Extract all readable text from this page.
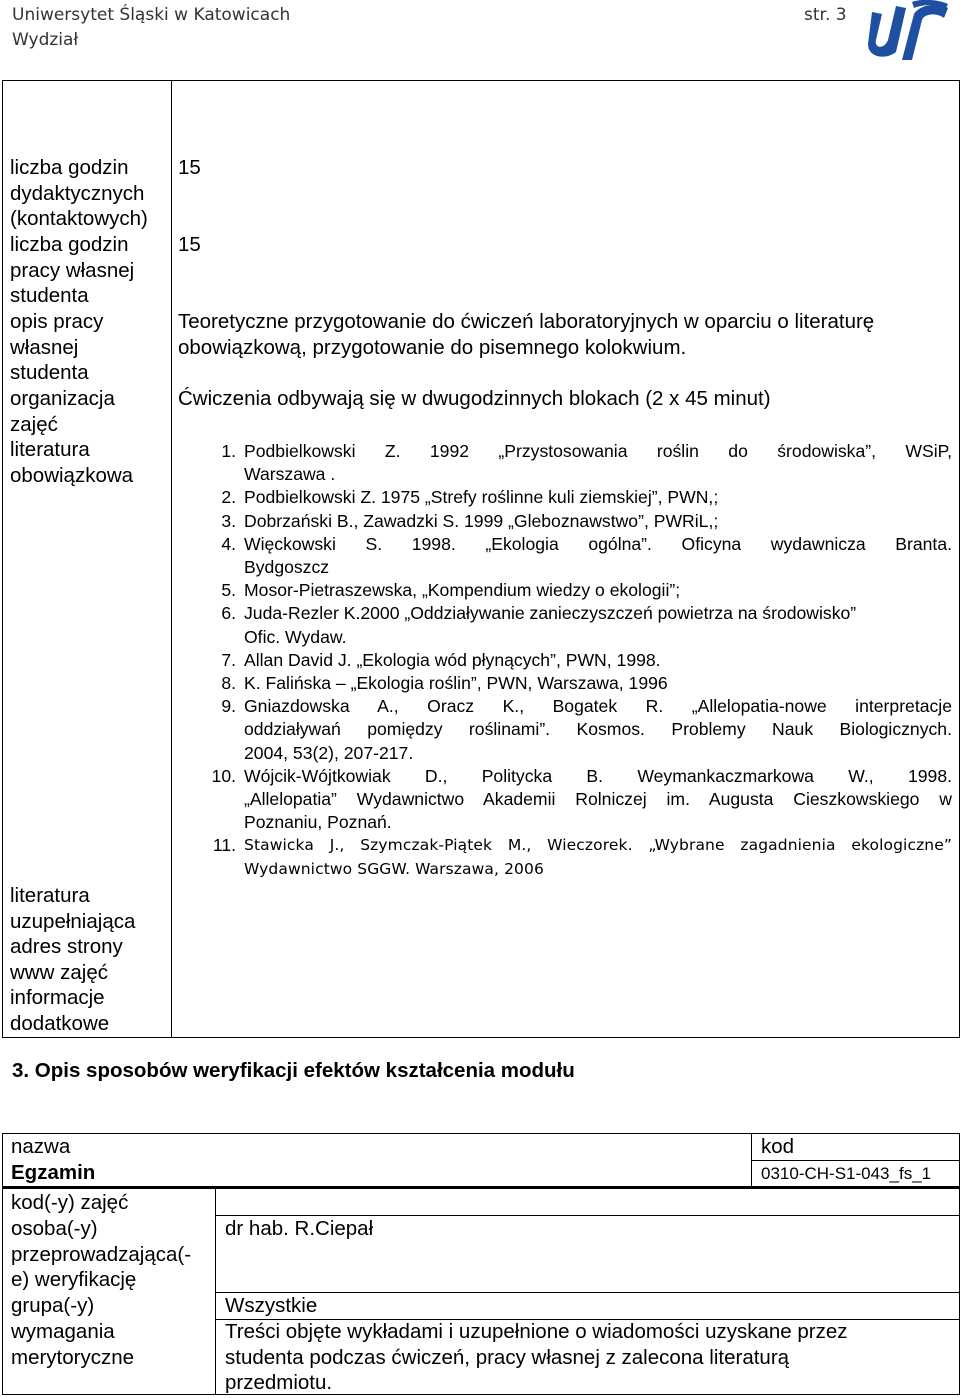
Uniwersytet Śląski w Katowicach
Wydział
str. 3
liczba godzin
dydaktycznych
(kontaktowych)
15
liczba godzin
pracy własnej
studenta
15
opis pracy
własnej
studenta
Teoretyczne przygotowanie do ćwiczeń laboratoryjnych w oparciu o literaturę
obowiązkową, przygotowanie do pisemnego kolokwium.
organizacja
zajęć
Ćwiczenia odbywają się w dwugodzinnych blokach (2 x 45 minut)
literatura
obowiązkowa
1. Podbielkowski Z. 1992 „Przystosowania roślin do środowiska”, WSiP,
Warszawa .
2. Podbielkowski Z. 1975 „Strefy roślinne kuli ziemskiej”, PWN,;
3. Dobrzański B., Zawadzki S. 1999 „Gleboznawstwo”, PWRiL,;
4. Więckowski S. 1998. „Ekologia ogólna”. Oficyna wydawnicza Branta.
Bydgoszcz
5. Mosor-Pietraszewska, „Kompendium wiedzy o ekologii”;
6. Juda-Rezler K.2000 „Oddziaływanie zanieczyszczeń powietrza na środowisko”
Ofic. Wydaw.
7. Allan David J. „Ekologia wód płynących”, PWN, 1998.
8. K. Falińska – „Ekologia roślin”, PWN, Warszawa, 1996
9. Gniazdowska A., Oracz K., Bogatek R. „Allelopatia-nowe interpretacje
oddziaływań pomiędzy roślinami”. Kosmos. Problemy Nauk Biologicznych.
2004, 53(2), 207-217.
10. Wójcik-Wójtkowiak D., Politycka B. Weymankaczmarkowa W., 1998.
„Allelopatia” Wydawnictwo Akademii Rolniczej im. Augusta Cieszkowskiego w
Poznaniu, Poznań.
11. Stawicka J., Szymczak-Piątek M., Wieczorek. „Wybrane zagadnienia ekologiczne”
Wydawnictwo SGGW. Warszawa, 2006
literatura
uzupełniająca
adres strony
www zajęć
informacje
dodatkowe
3. Opis sposobów weryfikacji efektów kształcenia modułu
nazwa
Egzamin
kod
0310-CH-S1-043_fs_1
kod(-y) zajęć
osoba(-y)
przeprowadzająca(-
e) weryfikację
dr hab. R.Ciepał
grupa(-y)	Wszystkie
wymagania
merytoryczne
Treści objęte wykładami i uzupełnione o wiadomości uzyskane przez
studenta podczas ćwiczeń, pracy własnej z zalecona literaturą
przedmiotu.
